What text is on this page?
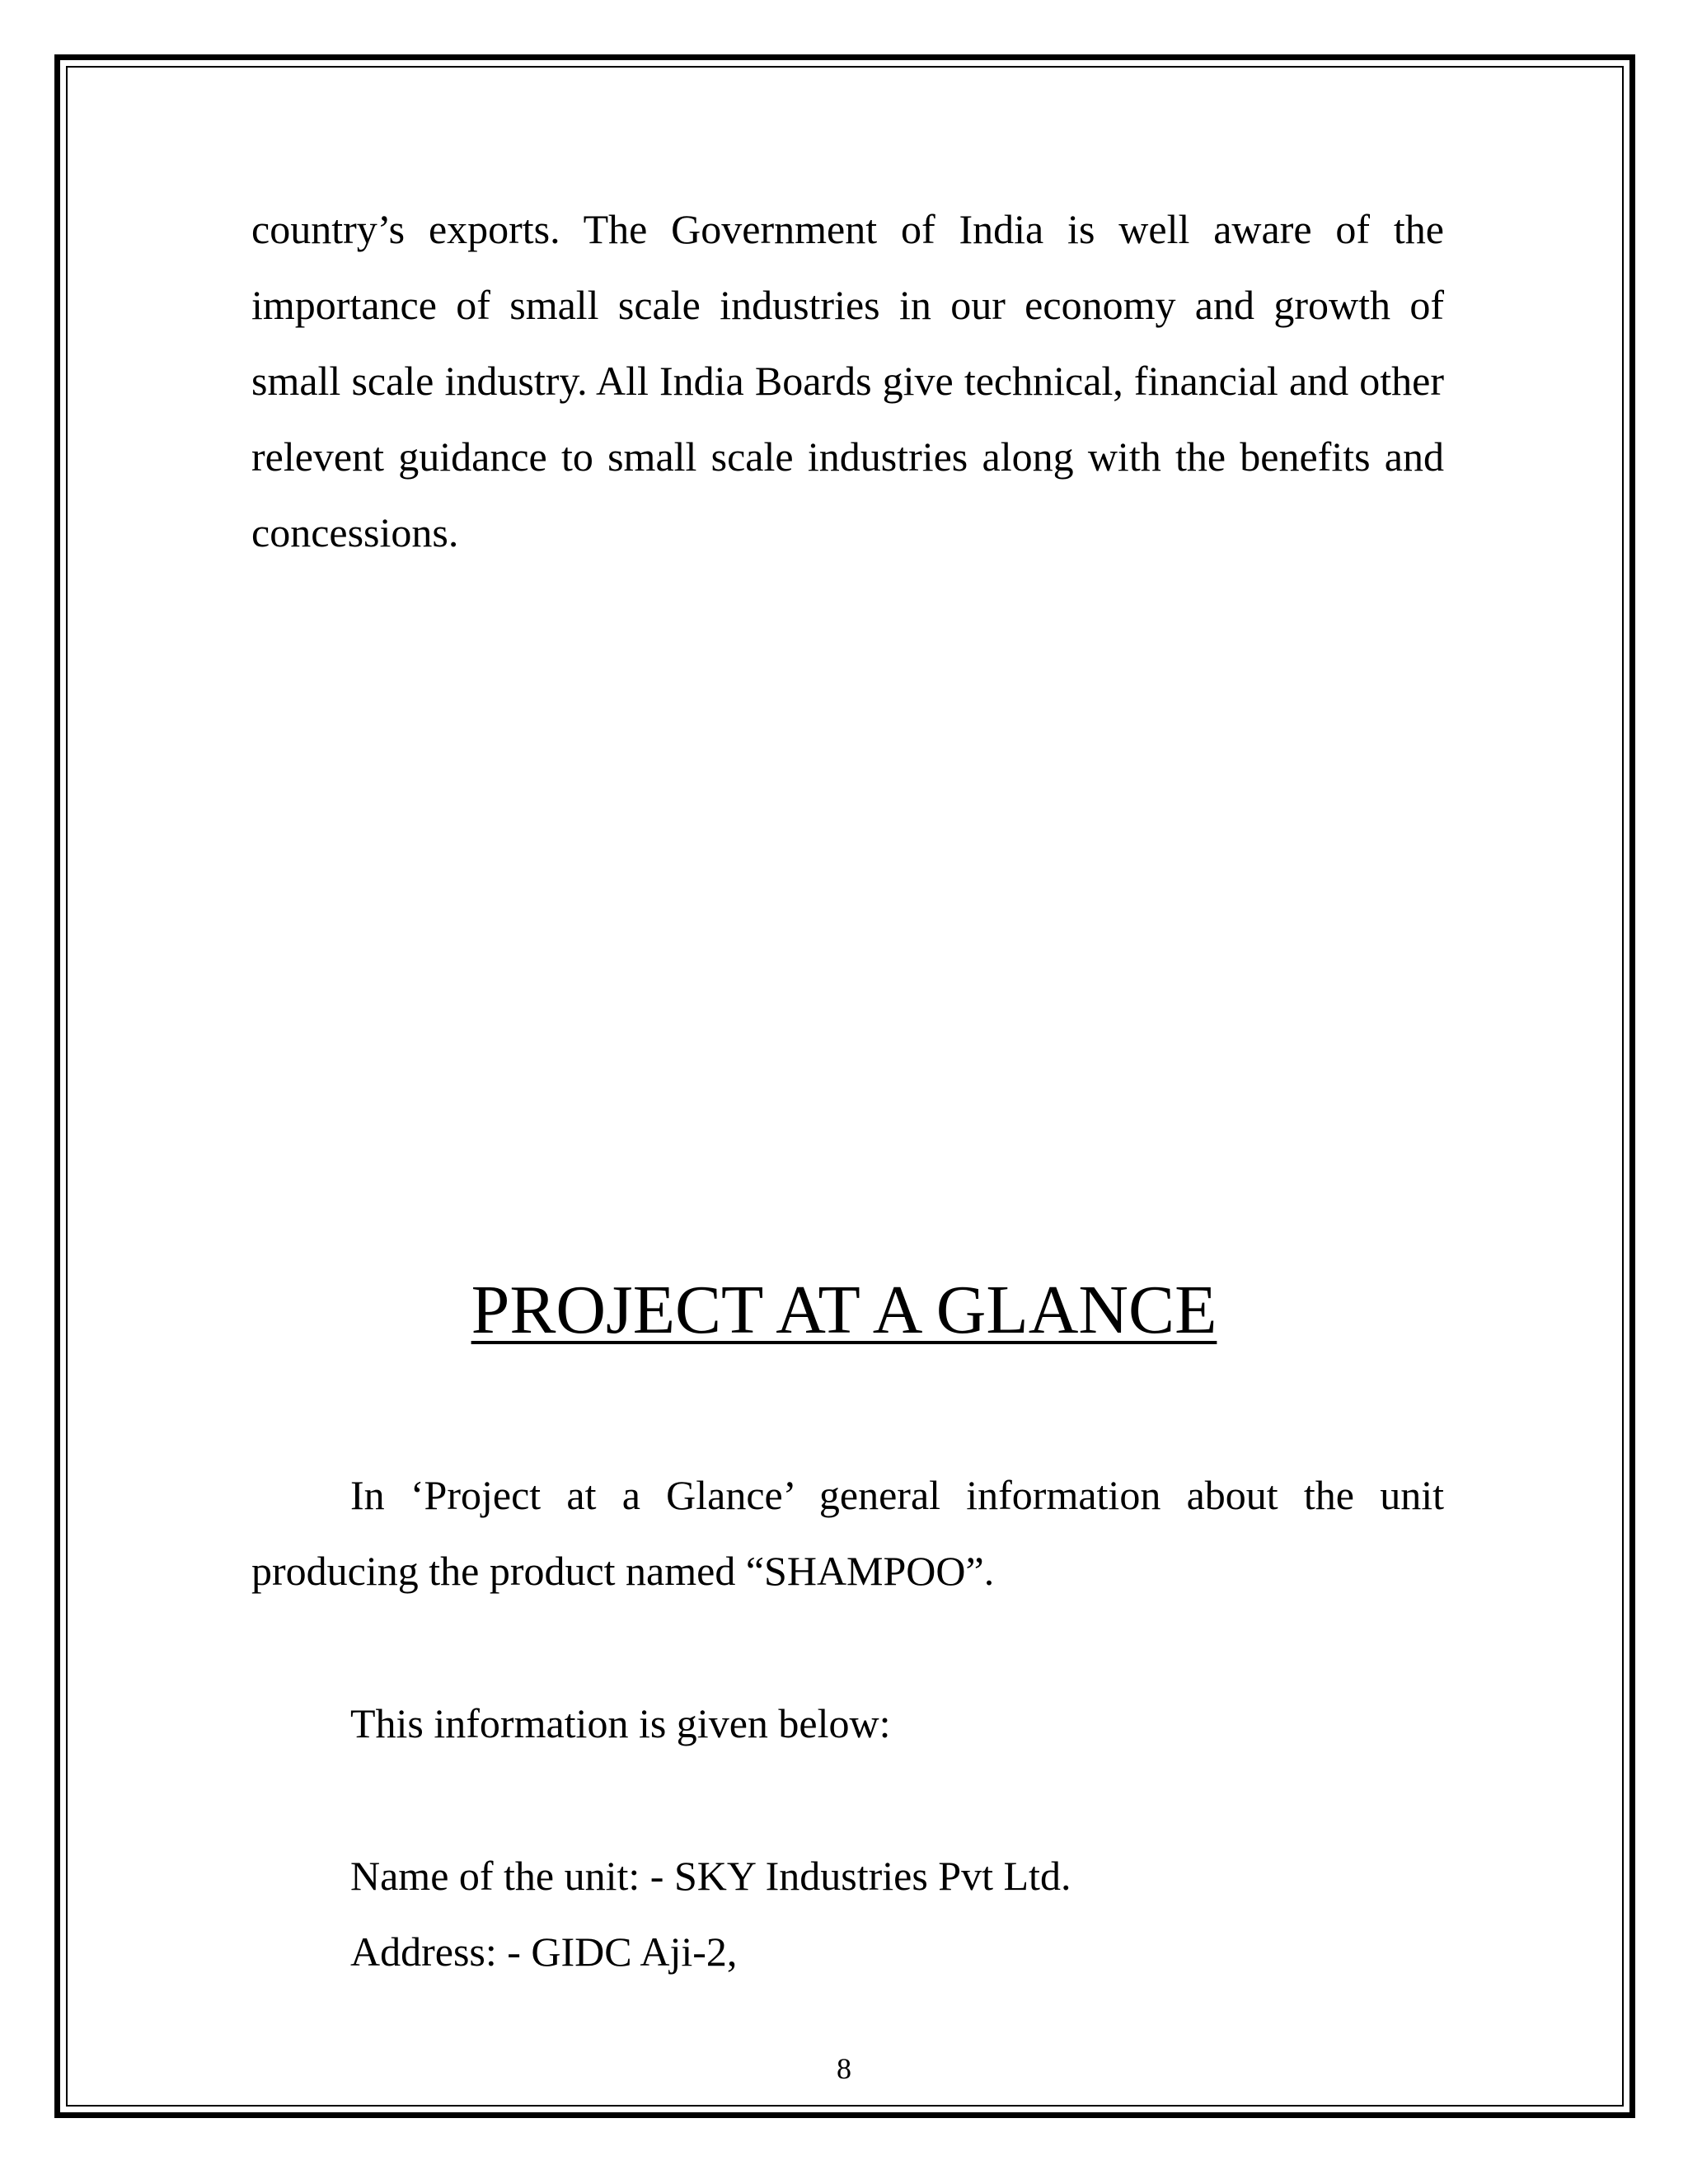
country’s exports. The Government of India is well aware of the importance of small scale industries in our economy and growth of small scale industry. All India Boards give technical, financial and other relevent guidance to small scale industries along with the benefits and concessions.

PROJECT AT A GLANCE

In ‘Project at a Glance’ general information about the unit producing the product named “SHAMPOO”.

This information is given below:

Name of the unit: - SKY Industries Pvt Ltd.

Address: - GIDC Aji-2,

8
